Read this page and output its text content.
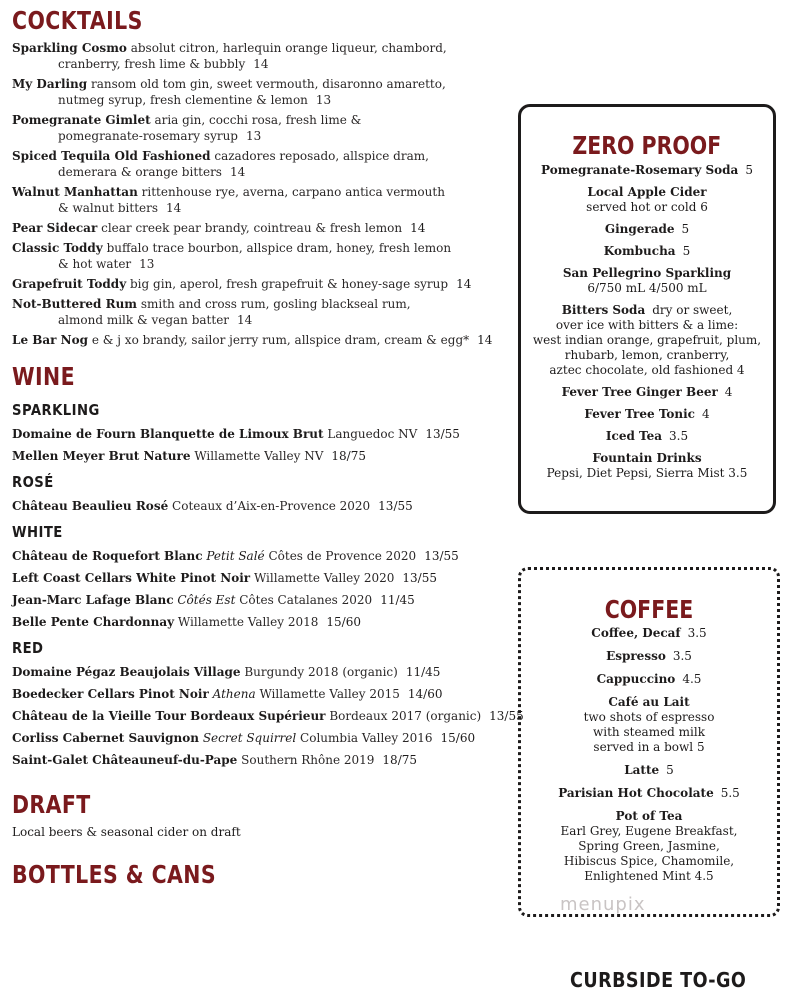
COCKTAILS
Sparkling Cosmo absolut citron, harlequin orange liqueur, chambord,
cranberry, fresh lime & bubbly 14
My Darling ransom old tom gin, sweet vermouth, disaronno amaretto,
nutmeg syrup, fresh clementine & lemon 13
Pomegranate Gimlet aria gin, cocchi rosa, fresh lime &
pomegranate-rosemary syrup 13
Spiced Tequila Old Fashioned cazadores reposado, allspice dram,
demerara & orange bitters 14
Walnut Manhattan rittenhouse rye, averna, carpano antica vermouth
& walnut bitters 14
Pear Sidecar clear creek pear brandy, cointreau & fresh lemon 14
Classic Toddy buffalo trace bourbon, allspice dram, honey, fresh lemon
& hot water 13
Grapefruit Toddy big gin, aperol, fresh grapefruit & honey-sage syrup 14
Not-Buttered Rum smith and cross rum, gosling blackseal rum,
almond milk & vegan batter 14
Le Bar Nog e & j xo brandy, sailor jerry rum, allspice dram, cream & egg* 14
WINE
SPARKLING
Domaine de Fourn Blanquette de Limoux Brut Languedoc NV 13/55
Mellen Meyer Brut Nature Willamette Valley NV 18/75
ROSÉ
Château Beaulieu Rosé Coteaux d’Aix-en-Provence 2020 13/55
WHITE
Château de Roquefort Blanc Petit Salé Côtes de Provence 2020 13/55
Left Coast Cellars White Pinot Noir Willamette Valley 2020 13/55
Jean-Marc Lafage Blanc Côtés Est Côtes Catalanes 2020 11/45
Belle Pente Chardonnay Willamette Valley 2018 15/60
RED
Domaine Pégaz Beaujolais Village Burgundy 2018 (organic) 11/45
Boedecker Cellars Pinot Noir Athena Willamette Valley 2015 14/60
Château de la Vieille Tour Bordeaux Supérieur Bordeaux 2017 (organic) 13/55
Corliss Cabernet Sauvignon Secret Squirrel Columbia Valley 2016 15/60
Saint-Galet Châteauneuf-du-Pape Southern Rhône 2019 18/75
DRAFT
Local beers & seasonal cider on draft
BOTTLES & CANS
ZERO PROOF
Pomegranate-Rosemary Soda 5
Local Apple Cider
served hot or cold 6
Gingerade 5
Kombucha 5
San Pellegrino Sparkling
6/750 mL 4/500 mL
Bitters Soda dry or sweet,
over ice with bitters & a lime:
west indian orange, grapefruit, plum,
rhubarb, lemon, cranberry,
aztec chocolate, old fashioned 4
Fever Tree Ginger Beer 4
Fever Tree Tonic 4
Iced Tea 3.5
Fountain Drinks
Pepsi, Diet Pepsi, Sierra Mist 3.5
COFFEE
Coffee, Decaf 3.5
Espresso 3.5
Cappuccino 4.5
Café au Lait
two shots of espresso
with steamed milk
served in a bowl 5
Latte 5
Parisian Hot Chocolate 5.5
Pot of Tea
Earl Grey, Eugene Breakfast,
Spring Green, Jasmine,
Hibiscus Spice, Chamomile,
Enlightened Mint 4.5
menupix
CURBSIDE TO-GO
